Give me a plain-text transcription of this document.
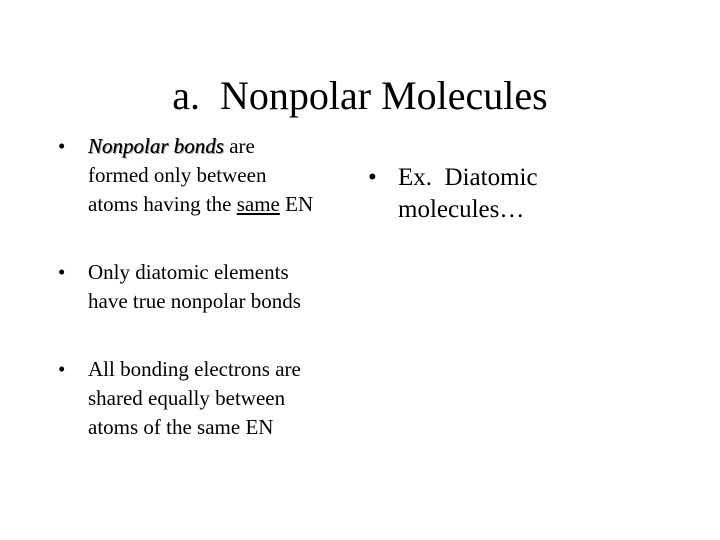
a. Nonpolar Molecules
• Nonpolar bonds are
formed only between
atoms having the same EN
• Only diatomic elements
have true nonpolar bonds
• All bonding electrons are
shared equally between
atoms of the same EN
• Ex.  Diatomic
molecules…
